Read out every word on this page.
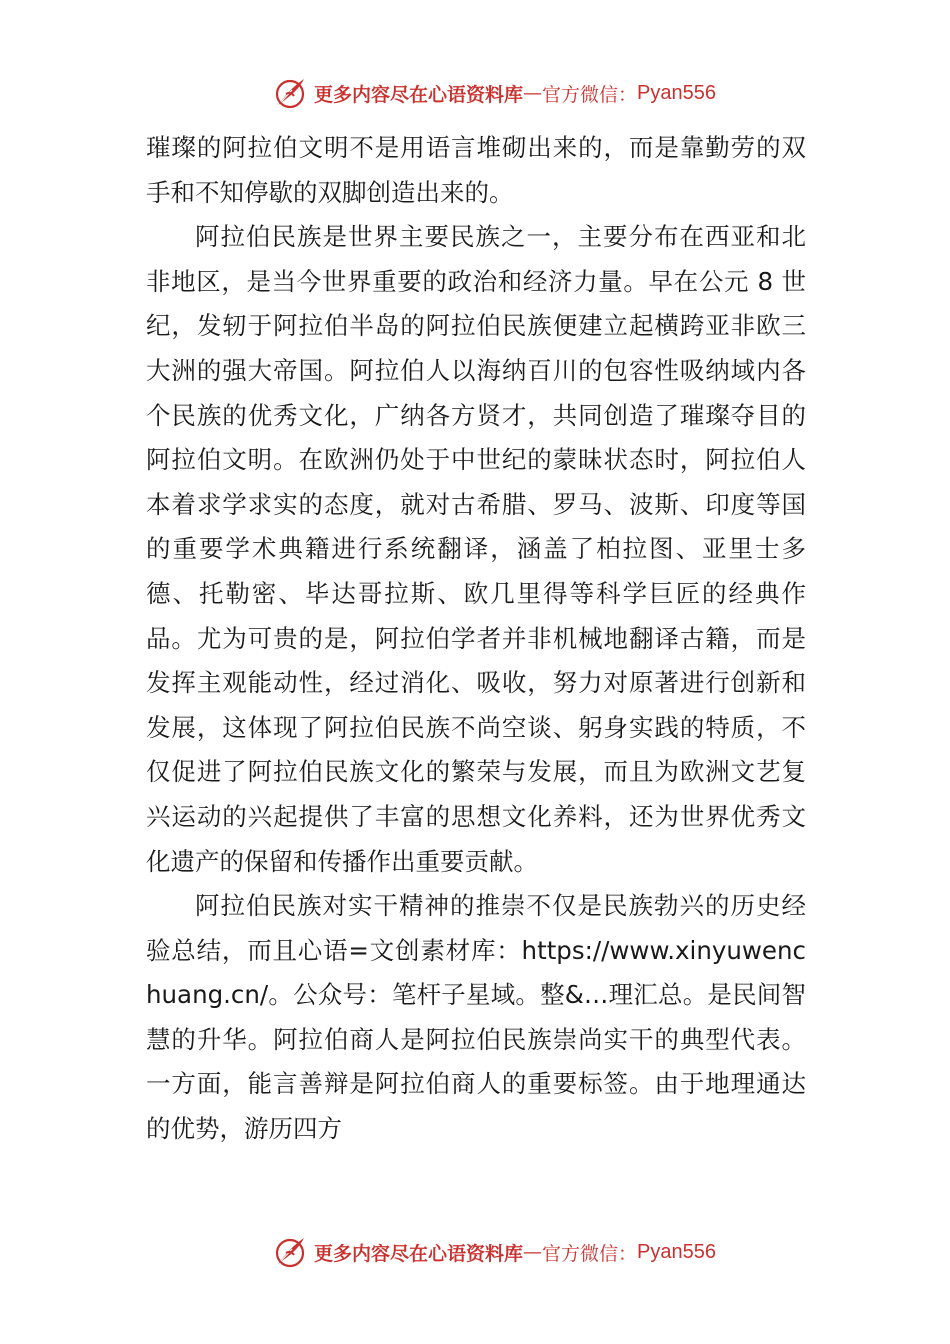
更多内容尽在心语资料库 — 官方微信： Pyan556

璀璨的阿拉伯文明不是用语言堆砌出来的，而是靠勤劳的双手和不知停歇的双脚创造出来的。

阿拉伯民族是世界主要民族之一，主要分布在西亚和北非地区，是当今世界重要的政治和经济力量。早在公元 8 世纪，发轫于阿拉伯半岛的阿拉伯民族便建立起横跨亚非欧三大洲的强大帝国。阿拉伯人以海纳百川的包容性吸纳域内各个民族的优秀文化，广纳各方贤才，共同创造了璀璨夺目的阿拉伯文明。在欧洲仍处于中世纪的蒙昧状态时，阿拉伯人本着求学求实的态度，就对古希腊、罗马、波斯、印度等国的重要学术典籍进行系统翻译，涵盖了柏拉图、亚里士多德、托勒密、毕达哥拉斯、欧几里得等科学巨匠的经典作品。尤为可贵的是，阿拉伯学者并非机械地翻译古籍，而是发挥主观能动性，经过消化、吸收，努力对原著进行创新和发展，这体现了阿拉伯民族不尚空谈、躬身实践的特质，不仅促进了阿拉伯民族文化的繁荣与发展，而且为欧洲文艺复兴运动的兴起提供了丰富的思想文化养料，还为世界优秀文化遗产的保留和传播作出重要贡献。

阿拉伯民族对实干精神的推崇不仅是民族勃兴的历史经验总结，而且心语=文创素材库：https://www.xinyuwenchuang.cn/。公众号：笔杆子星域。整&…理汇总。是民间智慧的升华。阿拉伯商人是阿拉伯民族崇尚实干的典型代表。一方面，能言善辩是阿拉伯商人的重要标签。由于地理通达的优势，游历四方

更多内容尽在心语资料库 — 官方微信： Pyan556
